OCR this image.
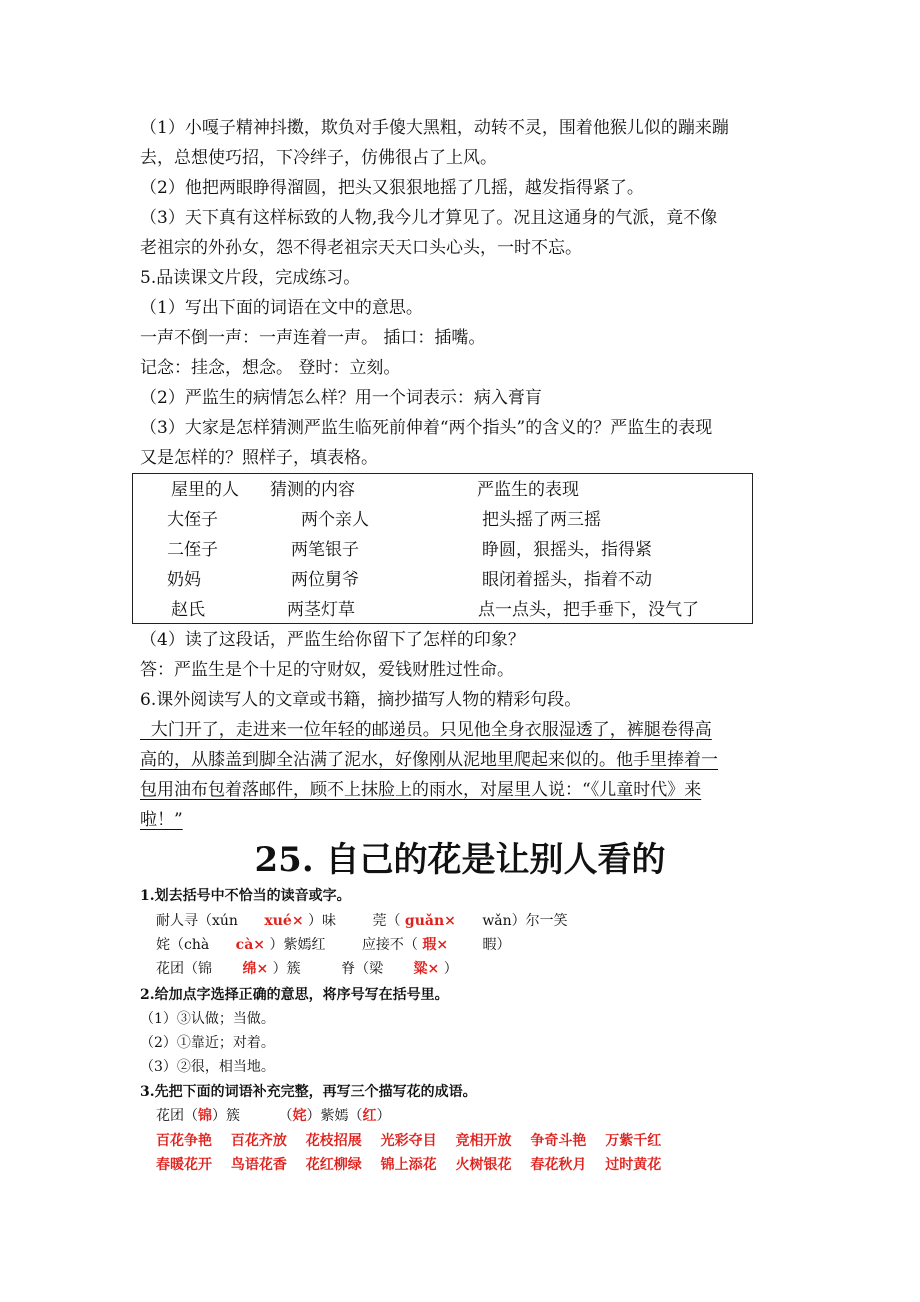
（1）小嘎子精神抖擞，欺负对手傻大黑粗，动转不灵，围着他猴儿似的蹦来蹦
去，总想使巧招，下冷绊子，仿佛很占了上风。
（2）他把两眼睁得溜圆，把头又狠狠地摇了几摇，越发指得紧了。
（3）天下真有这样标致的人物,我今儿才算见了。况且这通身的气派，竟不像
老祖宗的外孙女，怨不得老祖宗天天口头心头，一时不忘。
5.品读课文片段，完成练习。
（1）写出下面的词语在文中的意思。
一声不倒一声：一声连着一声。 插口：插嘴。
记念：挂念，想念。 登时：立刻。
（2）严监生的病情怎么样？用一个词表示：病入膏肓
（3）大家是怎样猜测严监生临死前伸着“两个指头”的含义的？严监生的表现
又是怎样的？照样子，填表格。
屋里的人 猜测的内容	严监生的表现
大侄子	两个亲人	把头摇了两三摇
二侄子	两笔银子	睁圆，狠摇头，指得紧
奶妈	两位舅爷	眼闭着摇头，指着不动
赵氏	两茎灯草	点一点头，把手垂下，没气了
（4）读了这段话，严监生给你留下了怎样的印象？
答：严监生是个十足的守财奴，爱钱财胜过性命。
6.课外阅读写人的文章或书籍，摘抄描写人物的精彩句段。
大门开了，走进来一位年轻的邮递员。只见他全身衣服湿透了，裤腿卷得高
高的，从膝盖到脚全沾满了泥水，好像刚从泥地里爬起来似的。他手里捧着一
包用油布包着落邮件，顾不上抹脸上的雨水，对屋里人说：“《儿童时代》来
啦！”
25. 自己的花是让别人看的
1.划去括号中不恰当的读音或字。
耐人寻（xún xué× ）味	莞（ guǎn× wǎn）尔一笑
姹（chà cà× ）紫嫣红	应接不（ 瑕× 暇）
花团（锦 绵× ）簇	脊（梁 粱× ）
2.给加点字选择正确的意思，将序号写在括号里。
（1）③认做；当做。
（2）①靠近；对着。
（3）②很，相当地。
3.先把下面的词语补充完整，再写三个描写花的成语。
花团（锦）簇	（姹）紫嫣（红）
百花争艳 百花齐放 花枝招展 光彩夺目 竞相开放 争奇斗艳 万紫千红
春暖花开 鸟语花香 花红柳绿 锦上添花 火树银花 春花秋月 过时黄花
